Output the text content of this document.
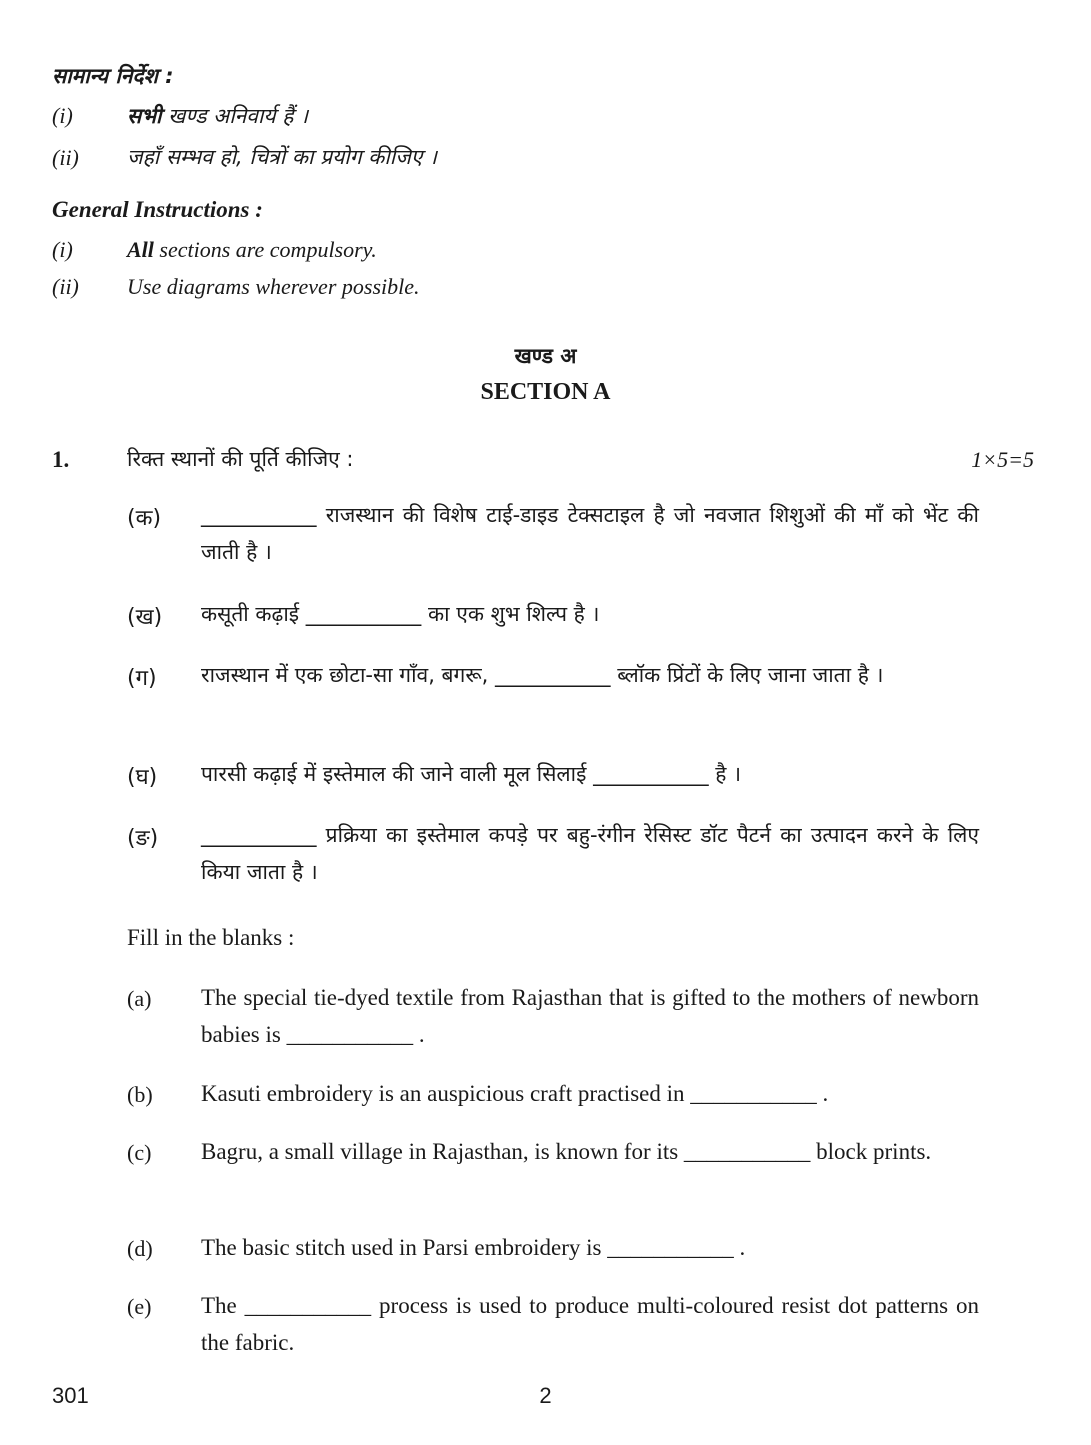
सामान्य निर्देश :
(i)	सभी खण्ड अनिवार्य हैं ।
(ii) जहाँ सम्भव हो, चित्रों का प्रयोग कीजिए ।
General Instructions :
(i) All sections are compulsory.
(ii) Use diagrams wherever possible.
खण्ड अ
SECTION A
1.	रिक्त स्थानों की पूर्ति कीजिए :	1×5=5
(क) ___________ राजस्थान की विशेष टाई-डाइड टेक्सटाइल है जो नवजात शिशुओं की माँ को भेंट की जाती है ।
(ख) कसूती कढ़ाई ___________ का एक शुभ शिल्प है ।
(ग) राजस्थान में एक छोटा-सा गाँव, बगरू, ___________ ब्लॉक प्रिंटों के लिए जाना जाता है ।
(घ) पारसी कढ़ाई में इस्तेमाल की जाने वाली मूल सिलाई ___________ है ।
(ङ) ___________ प्रक्रिया का इस्तेमाल कपड़े पर बहु-रंगीन रेसिस्ट डॉट पैटर्न का उत्पादन करने के लिए किया जाता है ।
Fill in the blanks :
(a) The special tie-dyed textile from Rajasthan that is gifted to the mothers of newborn babies is ___________ .
(b) Kasuti embroidery is an auspicious craft practised in ___________ .
(c) Bagru, a small village in Rajasthan, is known for its ___________ block prints.
(d) The basic stitch used in Parsi embroidery is ___________ .
(e) The ___________ process is used to produce multi-coloured resist dot patterns on the fabric.
301	2
